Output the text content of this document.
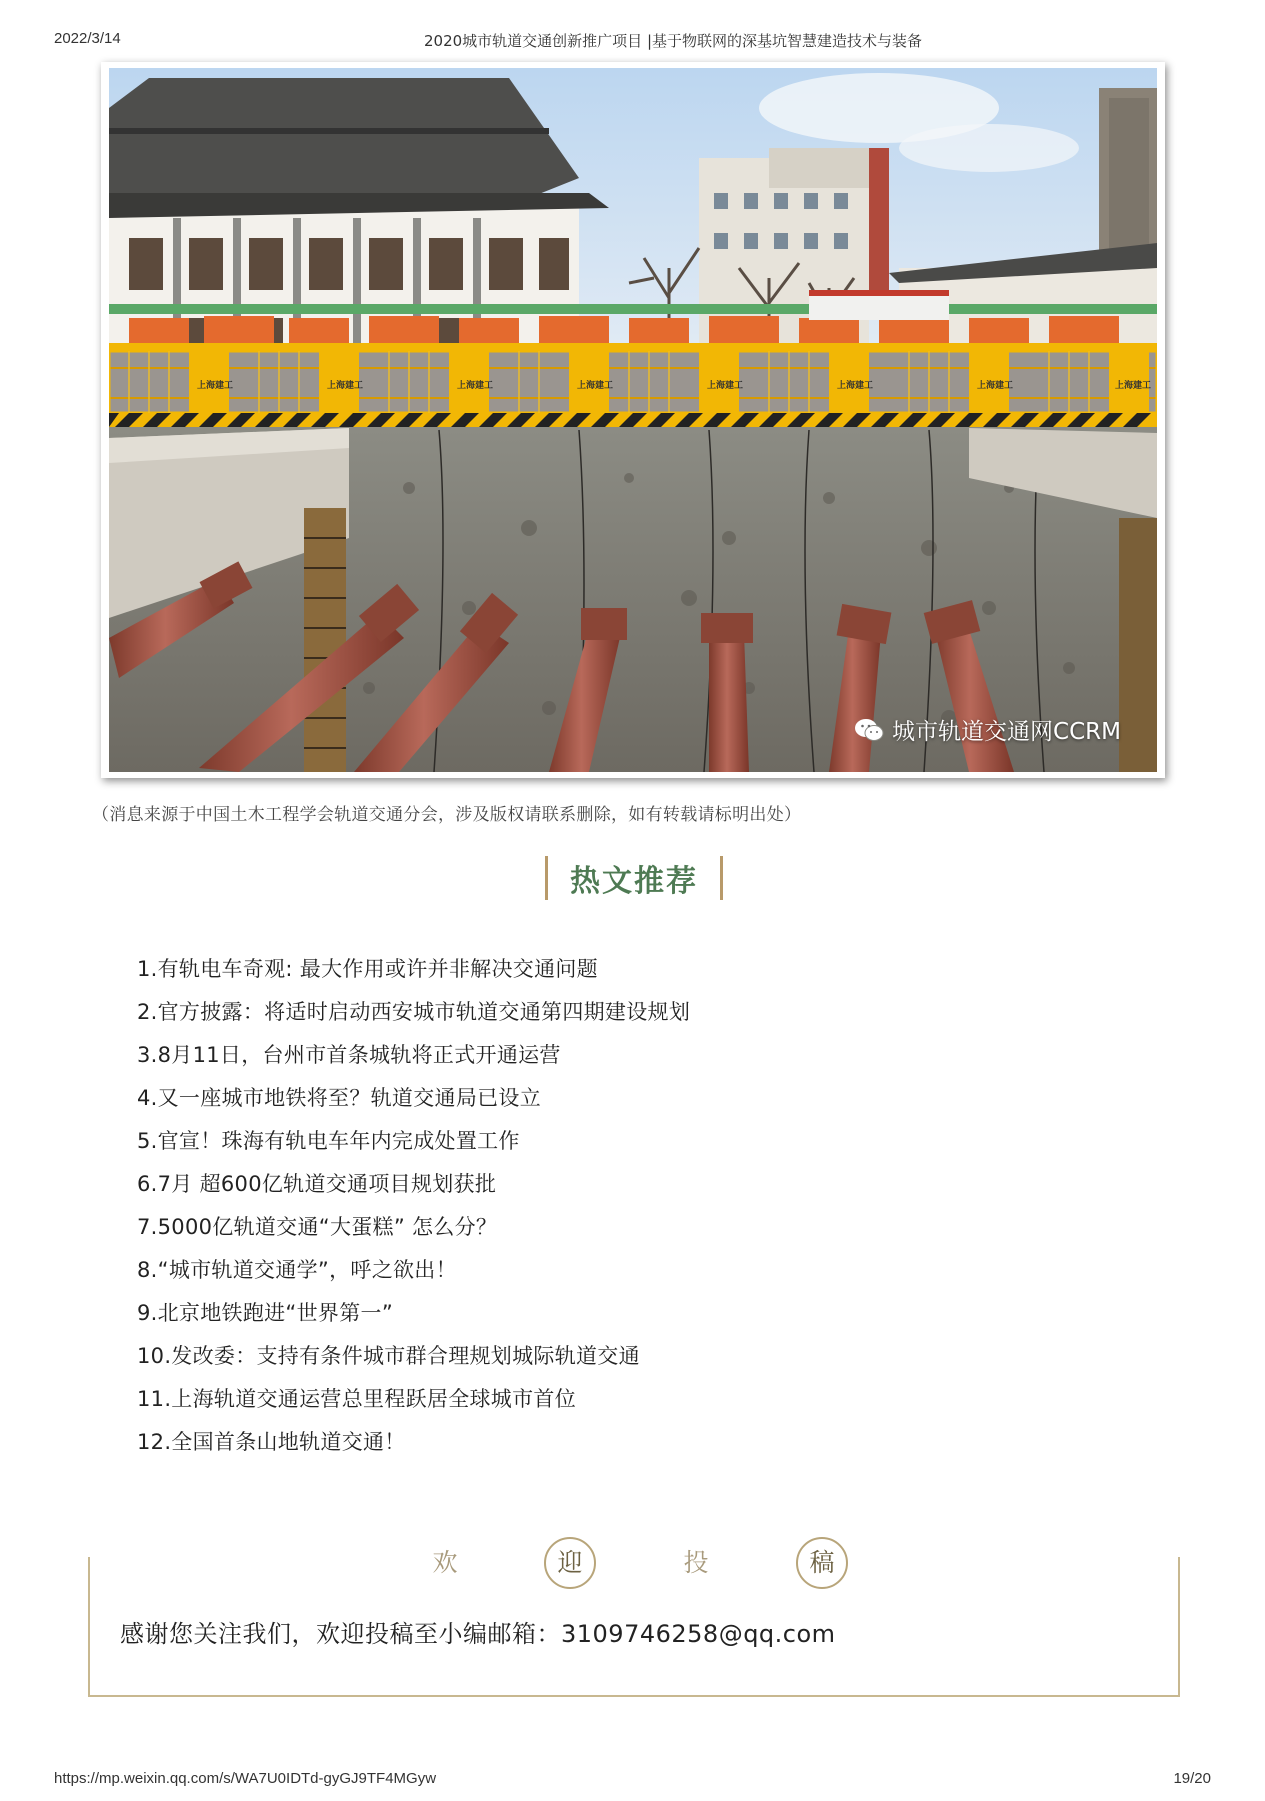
2022/3/14	2020城市轨道交通创新推广项目 |基于物联网的深基坑智慧建造技术与装备
上海建工	上海建工	上海建工	上海建工	上海建工	上海建工	上海建工	上海建工
城市轨道交通网CCRM
（消息来源于中国土木工程学会轨道交通分会，涉及版权请联系删除，如有转载请标明出处）
热文推荐
1.有轨电车奇观: 最大作用或许并非解决交通问题
2.官方披露：将适时启动西安城市轨道交通第四期建设规划
3.8月11日，台州市首条城轨将正式开通运营
4.又一座城市地铁将至？轨道交通局已设立
5.官宣！珠海有轨电车年内完成处置工作
6.7月 超600亿轨道交通项目规划获批
7.5000亿轨道交通“大蛋糕” 怎么分？
8.“城市轨道交通学”，呼之欲出！
9.北京地铁跑进“世界第一”
10.发改委：支持有条件城市群合理规划城际轨道交通
11.上海轨道交通运营总里程跃居全球城市首位
12.全国首条山地轨道交通！
欢	迎	投	稿
感谢您关注我们，欢迎投稿至小编邮箱：3109746258@qq.com
https://mp.weixin.qq.com/s/WA7U0IDTd-gyGJ9TF4MGyw	19/20
